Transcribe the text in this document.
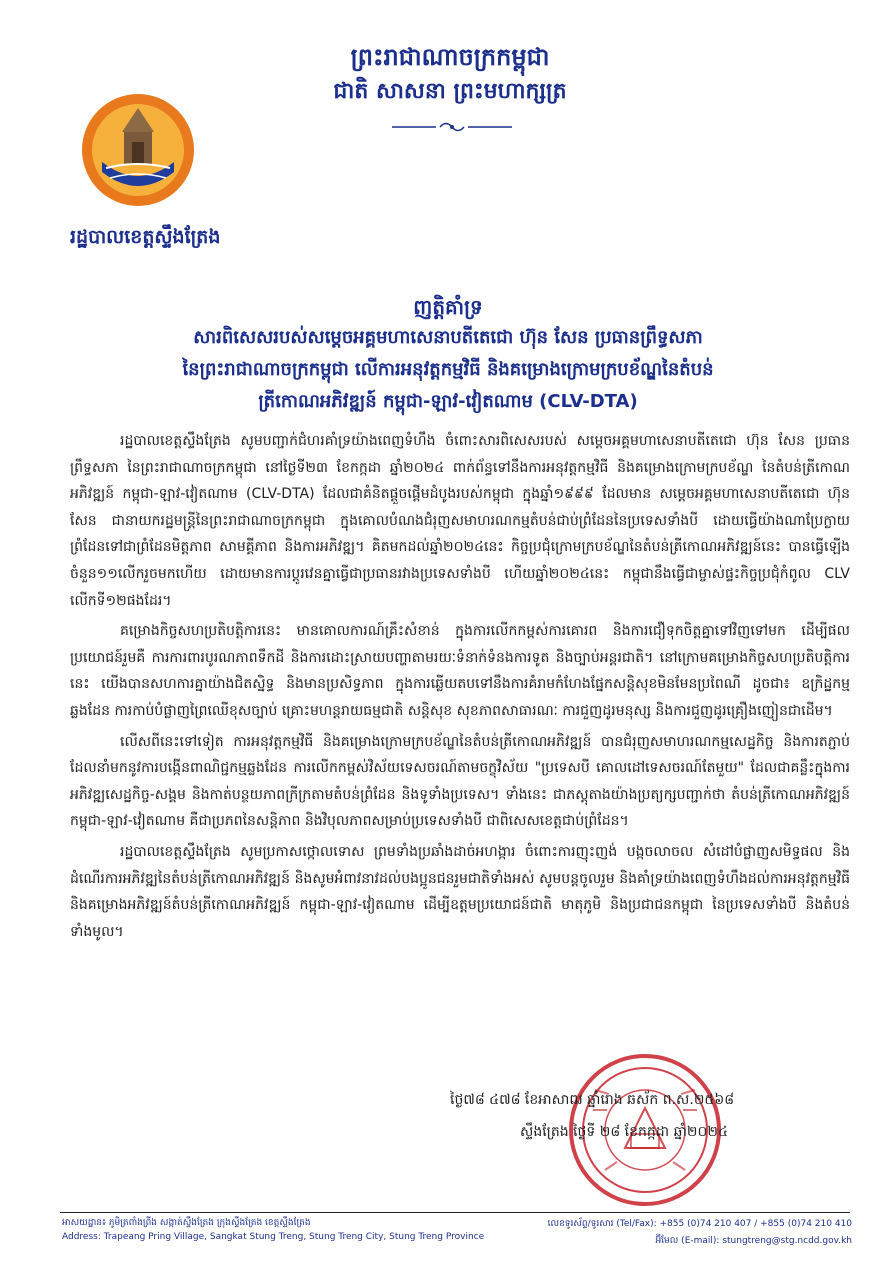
ព្រះរាជាណាចក្រកម្ពុជា
ជាតិ សាសនា ព្រះមហាក្សត្រ
រដ្ឋបាលខេត្តស្ទឹងត្រែង
ញត្តិគាំទ្រ
សារពិសេសរបស់សម្តេចអគ្គមហាសេនាបតីតេជោ ហ៊ុន សែន ប្រធានព្រឹទ្ធសភា
នៃព្រះរាជាណាចក្រកម្ពុជា លើការអនុវត្តកម្មវិធី និងគម្រោងក្រោមក្របខ័ណ្ឌនៃតំបន់
ត្រីកោណអភិវឌ្ឍន៍ កម្ពុជា-ឡាវ-វៀតណាម (CLV-DTA)

រដ្ឋបាលខេត្តស្ទឹងត្រែង សូមបញ្ជាក់ជំហរគាំទ្រយ៉ាងពេញទំហឹង ចំពោះសារពិសេសរបស់ សម្តេចអគ្គមហាសេនាបតីតេជោ ហ៊ុន សែន ប្រធានព្រឹទ្ធសភា នៃព្រះរាជាណាចក្រកម្ពុជា នៅថ្ងៃទី២៣ ខែកក្កដា ឆ្នាំ២០២៤ ពាក់ព័ន្ធទៅនឹងការអនុវត្តកម្មវិធី និងគម្រោងក្រោមក្របខ័ណ្ឌ នៃតំបន់ត្រីកោណអភិវឌ្ឍន៍ កម្ពុជា-ឡាវ-វៀតណាម (CLV-DTA) ដែលជាគំនិតផ្តួចផ្តើមដំបូងរបស់កម្ពុជា ក្នុងឆ្នាំ១៩៩៩ ដែលមាន សម្តេចអគ្គមហាសេនាបតីតេជោ ហ៊ុន សែន ជានាយករដ្ឋមន្ត្រីនៃព្រះរាជាណាចក្រកម្ពុជា ក្នុងគោលបំណងជំរុញសមាហរណកម្មតំបន់ជាប់ព្រំដែននៃប្រទេសទាំងបី ដោយធ្វើយ៉ាងណាប្រែក្លាយព្រំដែនទៅជាព្រំដែនមិត្តភាព សាមគ្គីភាព និងការអភិវឌ្ឍ។ គិតមកដល់ឆ្នាំ២០២៤នេះ កិច្ចប្រជុំក្រោមក្របខ័ណ្ឌនៃតំបន់ត្រីកោណអភិវឌ្ឍន៍នេះ បានធ្វើឡើងចំនួន១១លើករួចមកហើយ ដោយមានការប្តូរវេនគ្នាធ្វើជាប្រធានរវាងប្រទេសទាំងបី ហើយឆ្នាំ២០២៤នេះ កម្ពុជានឹងធ្វើជាម្ចាស់ផ្ទះកិច្ចប្រជុំកំពូល CLV លើកទី១២ផងដែរ។

គម្រោងកិច្ចសហប្រតិបត្តិការនេះ មានគោលការណ៍គ្រឹះសំខាន់ ក្នុងការលើកកម្ពស់ការគោរព និងការជឿទុកចិត្តគ្នាទៅវិញទៅមក ដើម្បីផលប្រយោជន៍រួមគឺ ការការពារបូរណភាពទឹកដី និងការដោះស្រាយបញ្ហាតាមរយៈទំនាក់ទំនងការទូត និងច្បាប់អន្តរជាតិ។ នៅក្រោមគម្រោងកិច្ចសហប្រតិបត្តិការនេះ យើងបានសហការគ្នាយ៉ាងជិតស្និទ្ធ និងមានប្រសិទ្ធភាព ក្នុងការឆ្លើយតបទៅនឹងការគំរាមកំហែងផ្នែកសន្តិសុខមិនមែនប្រពៃណី ដូចជា៖ ឧក្រិដ្ឋកម្មឆ្លងដែន ការកាប់បំផ្លាញព្រៃឈើខុសច្បាប់ គ្រោះមហន្តរាយធម្មជាតិ សន្តិសុខ សុខភាពសាធារណៈ ការជួញដូរមនុស្ស និងការជួញដូរគ្រឿងញៀនជាដើម។

លើសពីនេះទៅទៀត ការអនុវត្តកម្មវិធី និងគម្រោងក្រោមក្របខ័ណ្ឌនៃតំបន់ត្រីកោណអភិវឌ្ឍន៍ បានជំរុញសមាហរណកម្មសេដ្ឋកិច្ច និងការតភ្ជាប់ ដែលនាំមកនូវការបង្កើនពាណិជ្ជកម្មឆ្លងដែន ការលើកកម្ពស់វិស័យទេសចរណ៍តាមចក្ខុវិស័យ "ប្រទេសបី គោលដៅទេសចរណ៍តែមួយ" ដែលជាគន្លឹះក្នុងការអភិវឌ្ឍសេដ្ឋកិច្ច-សង្គម និងកាត់បន្ថយភាពក្រីក្រតាមតំបន់ព្រំដែន និងទូទាំងប្រទេស។ ទាំងនេះ ជាភស្តុតាងយ៉ាងប្រត្យក្សបញ្ជាក់ថា តំបន់ត្រីកោណអភិវឌ្ឍន៍ កម្ពុជា-ឡាវ-វៀតណាម គឺជាប្រភពនៃសន្តិភាព និងវិបុលភាពសម្រាប់ប្រទេសទាំងបី ជាពិសេសខេត្តជាប់ព្រំដែន។

រដ្ឋបាលខេត្តស្ទឹងត្រែង សូមប្រកាសថ្កោលទោស ព្រមទាំងប្រឆាំងដាច់អហង្ការ ចំពោះការញុះញង់ បង្កចលាចល សំដៅបំផ្លាញសមិទ្ធផល និងដំណើរការអភិវឌ្ឍនៃតំបន់ត្រីកោណអភិវឌ្ឍន៍ និងសូមអំពាវនាវដល់បងប្អូនជនរួមជាតិទាំងអស់ សូមបន្តចូលរួម និងគាំទ្រយ៉ាងពេញទំហឹងដល់ការអនុវត្តកម្មវិធី និងគម្រោងអភិវឌ្ឍន៍តំបន់ត្រីកោណអភិវឌ្ឍន៍ កម្ពុជា-ឡាវ-វៀតណាម ដើម្បីឧត្តមប្រយោជន៍ជាតិ មាតុភូមិ និងប្រជាជនកម្ពុជា នៃប្រទេសទាំងបី និងតំបន់ទាំងមូល។

ថ្ងៃ៧៨ ៤៧៨ ខែអាសាឍ ឆ្នាំរោង ឆស័ក ព.ស.២៥៦៨
ស្ទឹងត្រែង ថ្ងៃទី ២៨ ខែកក្កដា ឆ្នាំ២០២៤
អាសយដ្ឋាន៖ ភូមិត្រពាំងព្រីង សង្កាត់ស្ទឹងត្រែង ក្រុងស្ទឹងត្រែង ខេត្តស្ទឹងត្រែង
Address: Trapeang Pring Village, Sangkat Stung Treng, Stung Treng City, Stung Treng Province
លេខទូរស័ព្ទ/ទូរសារ (Tel/Fax): +855 (0)74 210 407 / +855 (0)74 210 410
អ៊ីមែល (E-mail): stungtreng@stg.ncdd.gov.kh
